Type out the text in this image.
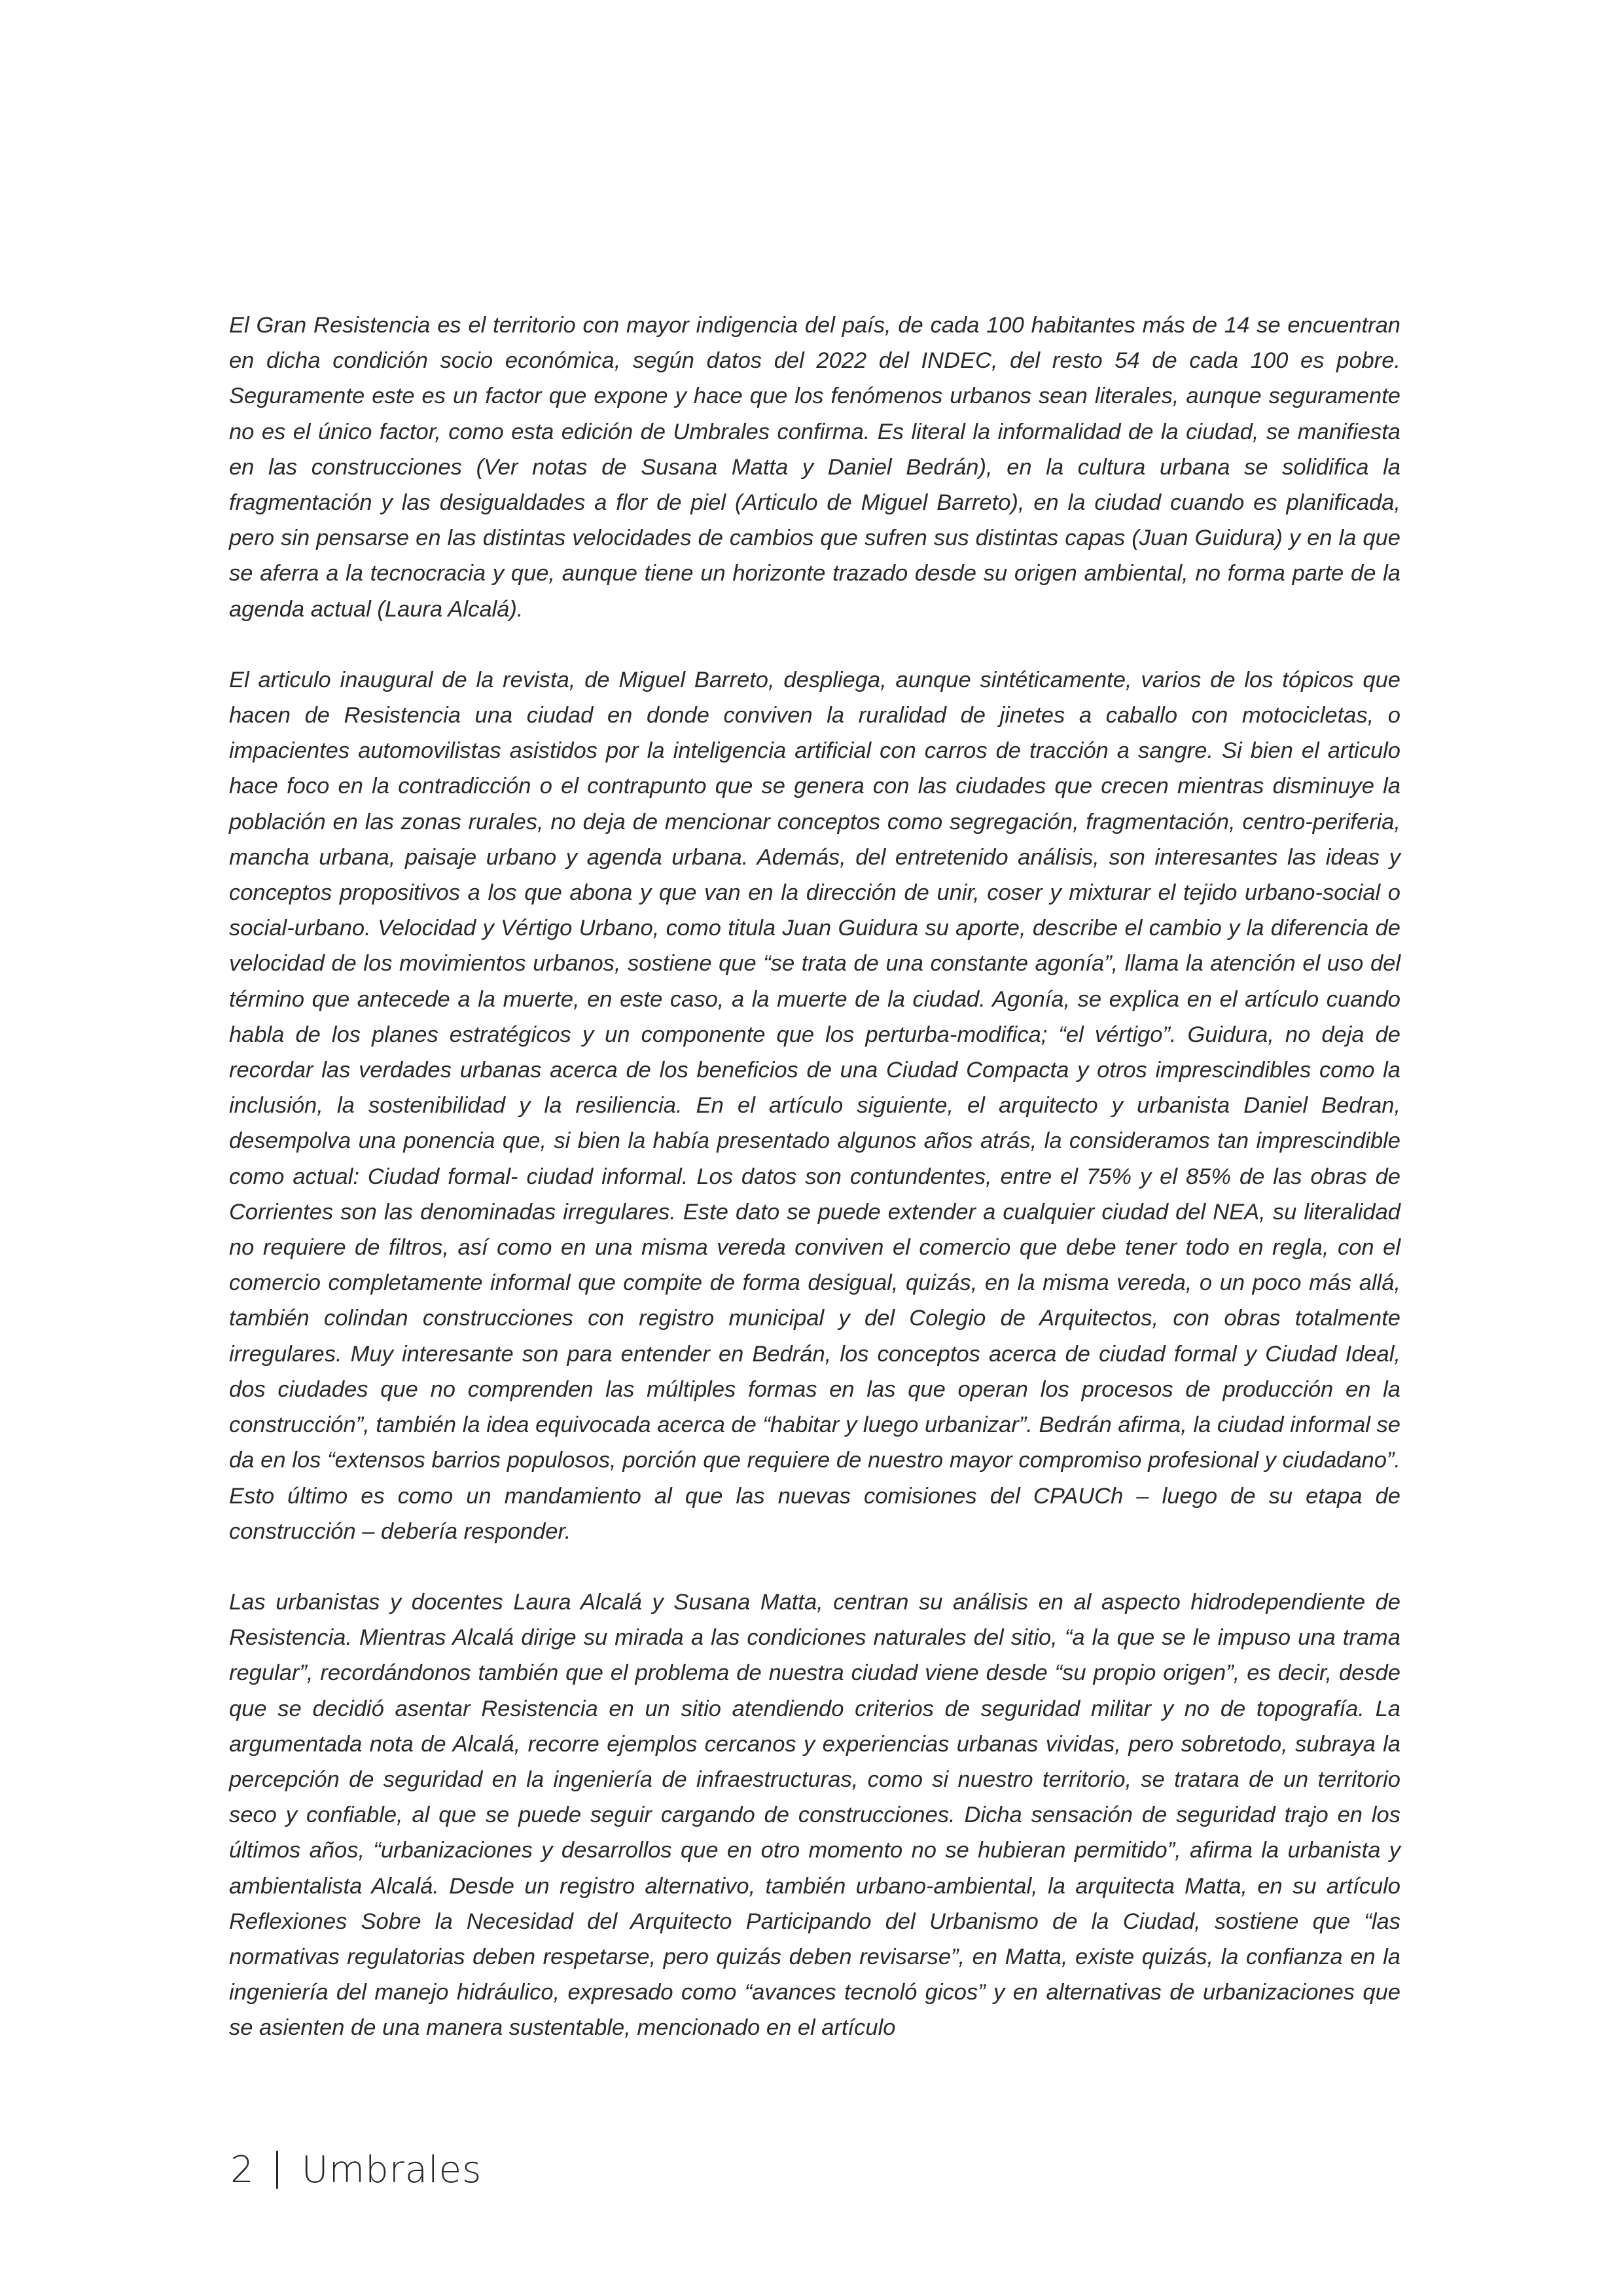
El Gran Resistencia es el territorio con mayor indigencia del país, de cada 100 habitantes más de 14 se encuentran en dicha condición socio económica, según datos del 2022 del INDEC, del resto 54 de cada 100 es pobre. Seguramente este es un factor que expone y hace que los fenómenos urbanos sean literales, aunque seguramente no es el único factor, como esta edición de Umbrales confirma. Es literal la informalidad de la ciudad, se manifiesta en las construcciones (Ver notas de Susana Matta y Daniel Bedrán), en la cultura urbana se solidifica la fragmentación y las desigualdades a flor de piel (Articulo de Miguel Barreto), en la ciudad cuando es planificada, pero sin pensarse en las distintas velocidades de cambios que sufren sus distintas capas (Juan Guidura) y en la que se aferra a la tecnocracia y que, aunque tiene un horizonte trazado desde su origen ambiental, no forma parte de la agenda actual (Laura Alcalá).

El articulo inaugural de la revista, de Miguel Barreto, despliega, aunque sintéticamente, varios de los tópicos que hacen de Resistencia una ciudad en donde conviven la ruralidad de jinetes a caballo con motocicletas, o impacientes automovilistas asistidos por la inteligencia artificial con carros de tracción a sangre. Si bien el articulo hace foco en la contradicción o el contrapunto que se genera con las ciudades que crecen mientras disminuye la población en las zonas rurales, no deja de mencionar conceptos como segregación, fragmentación, centro-periferia, mancha urbana, paisaje urbano y agenda urbana. Además, del entretenido análisis, son interesantes las ideas y conceptos propositivos a los que abona y que van en la dirección de unir, coser y mixturar el tejido urbano-social o social-urbano. Velocidad y Vértigo Urbano, como titula Juan Guidura su aporte, describe el cambio y la diferencia de velocidad de los movimientos urbanos, sostiene que “se trata de una constante agonía”, llama la atención el uso del término que antecede a la muerte, en este caso, a la muerte de la ciudad. Agonía, se explica en el artículo cuando habla de los planes estratégicos y un componente que los perturba-modifica; “el vértigo”. Guidura, no deja de recordar las verdades urbanas acerca de los beneficios de una Ciudad Compacta y otros imprescindibles como la inclusión, la sostenibilidad y la resiliencia. En el artículo siguiente, el arquitecto y urbanista Daniel Bedran, desempolva una ponencia que, si bien la había presentado algunos años atrás, la consideramos tan imprescindible como actual: Ciudad formal- ciudad informal. Los datos son contundentes, entre el 75% y el 85% de las obras de Corrientes son las denominadas irregulares. Este dato se puede extender a cualquier ciudad del NEA, su literalidad no requiere de filtros, así como en una misma vereda conviven el comercio que debe tener todo en regla, con el comercio completamente informal que compite de forma desigual, quizás, en la misma vereda, o un poco más allá, también colindan construcciones con registro municipal y del Colegio de Arquitectos, con obras totalmente irregulares. Muy interesante son para entender en Bedrán, los conceptos acerca de ciudad formal y Ciudad Ideal, dos ciudades que no comprenden las múltiples formas en las que operan los procesos de producción en la construcción”, también la idea equivocada acerca de “habitar y luego urbanizar”. Bedrán afirma, la ciudad informal se da en los “extensos barrios populosos, porción que requiere de nuestro mayor compromiso profesional y ciudadano”. Esto último es como un mandamiento al que las nuevas comisiones del CPAUCh – luego de su etapa de construcción – debería responder.

Las urbanistas y docentes Laura Alcalá y Susana Matta, centran su análisis en al aspecto hidrodependiente de Resistencia. Mientras Alcalá dirige su mirada a las condiciones naturales del sitio, “a la que se le impuso una trama regular”, recordándonos también que el problema de nuestra ciudad viene desde “su propio origen”, es decir, desde que se decidió asentar Resistencia en un sitio atendiendo criterios de seguridad militar y no de topografía. La argumentada nota de Alcalá, recorre ejemplos cercanos y experiencias urbanas vividas, pero sobretodo, subraya la percepción de seguridad en la ingeniería de infraestructuras, como si nuestro territorio, se tratara de un territorio seco y confiable, al que se puede seguir cargando de construcciones. Dicha sensación de seguridad trajo en los últimos años, “urbanizaciones y desarrollos que en otro momento no se hubieran permitido”, afirma la urbanista y ambientalista Alcalá. Desde un registro alternativo, también urbano-ambiental, la arquitecta Matta, en su artículo Reflexiones Sobre la Necesidad del Arquitecto Participando del Urbanismo de la Ciudad, sostiene que “las normativas regulatorias deben respetarse, pero quizás deben revisarse”, en Matta, existe quizás, la confianza en la ingeniería del manejo hidráulico, expresado como “avances tecnoló gicos” y en alternativas de urbanizaciones que se asienten de una manera sustentable, mencionado en el artículo

2 Umbrales
